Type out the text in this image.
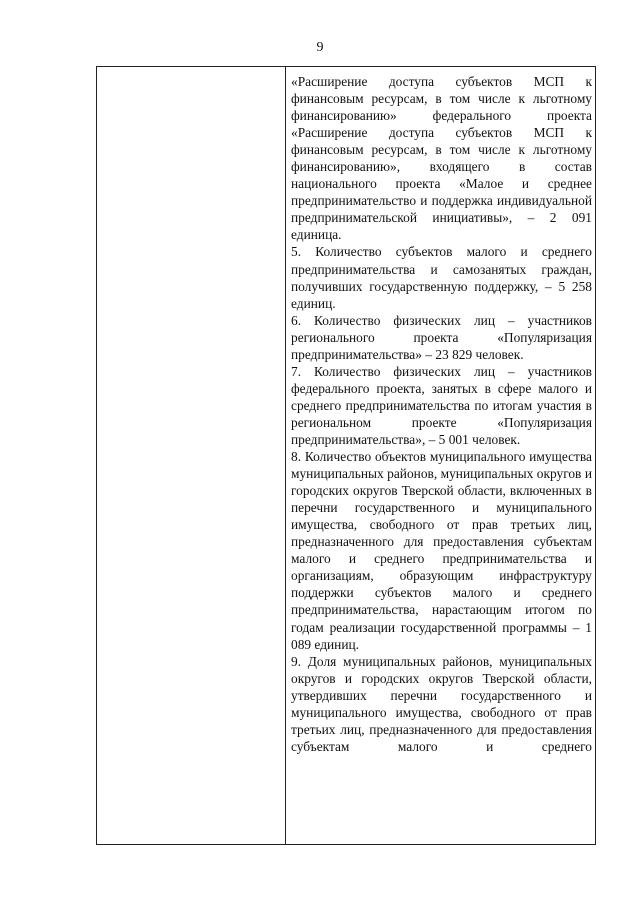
9

«Расширение доступа субъектов МСП к финансовым ресурсам, в том числе к льготному финансированию» федерального проекта «Расширение доступа субъектов МСП к финансовым ресурсам, в том числе к льготному финансированию», входящего в состав национального проекта «Малое и среднее предпринимательство и поддержка индивидуальной предпринимательской инициативы», – 2 091 единица.

5. Количество субъектов малого и среднего предпринимательства и самозанятых граждан, получивших государственную поддержку, – 5 258 единиц.

6. Количество физических лиц – участников регионального проекта «Популяризация предпринимательства» – 23 829 человек.

7. Количество физических лиц – участников федерального проекта, занятых в сфере малого и среднего предпринимательства по итогам участия в региональном проекте «Популяризация предпринимательства», – 5 001 человек.

8. Количество объектов муниципального имущества муниципальных районов, муниципальных округов и городских округов Тверской области, включенных в перечни государственного и муниципального имущества, свободного от прав третьих лиц, предназначенного для предоставления субъектам малого и среднего предпринимательства и организациям, образующим инфраструктуру поддержки субъектов малого и среднего предпринимательства, нарастающим итогом по годам реализации государственной программы – 1 089 единиц.

9. Доля муниципальных районов, муниципальных округов и городских округов Тверской области, утвердивших перечни государственного и муниципального имущества, свободного от прав третьих лиц, предназначенного для предоставления субъектам малого и среднего
